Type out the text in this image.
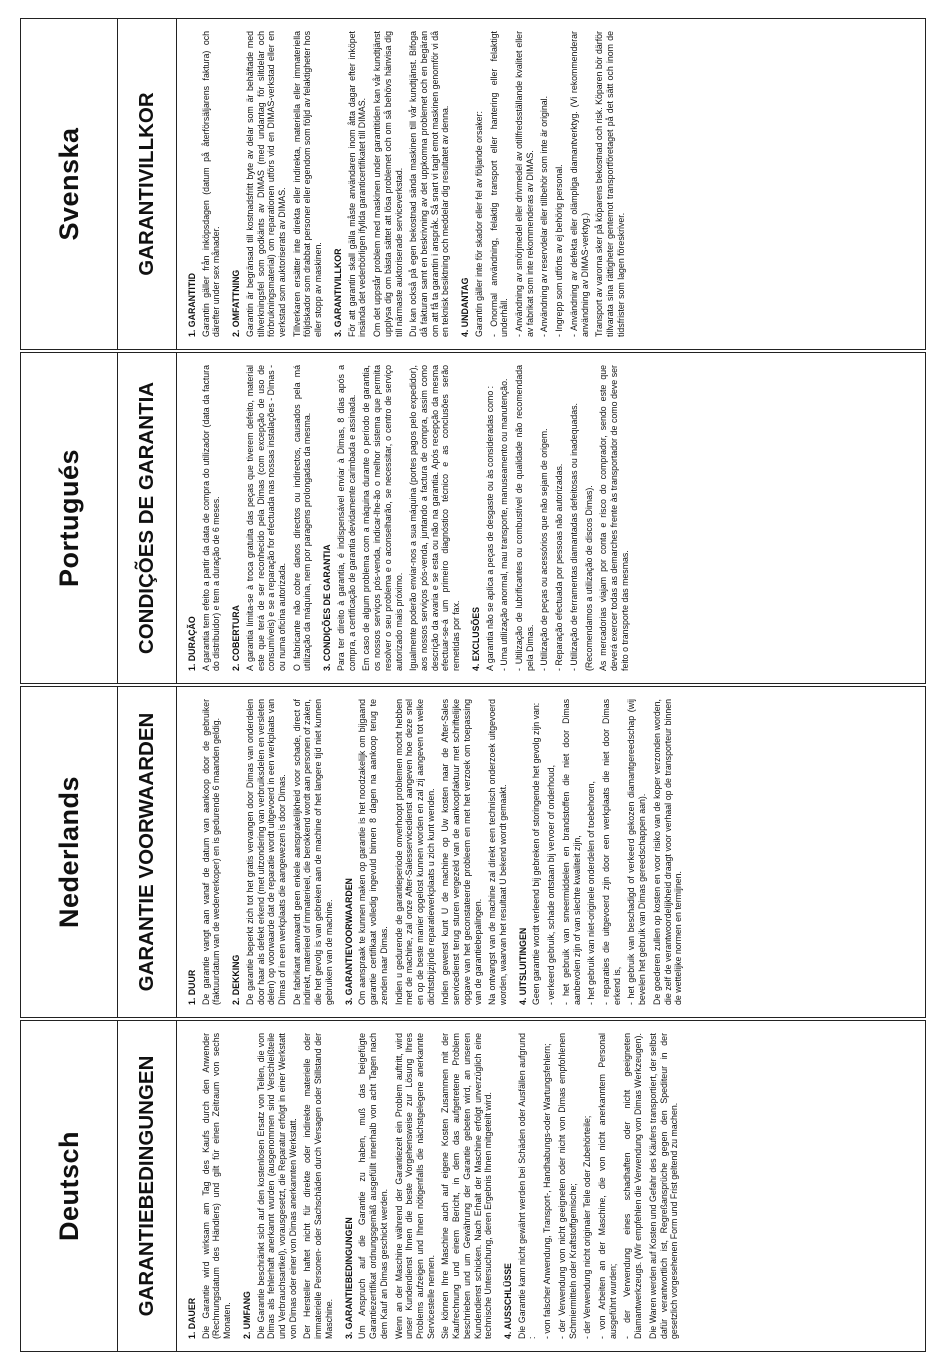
Deutsch	GARANTIEBEDINGUNGEN
1. DAUER Die Garantie wird wirksam am Tag des Kaufs durch den Anwender (Rechnungsdatum des Händlers) und gilt für einen Zeitraum von sechs Monaten. 2. UMFANG Die Garantie beschränkt sich auf den kostenlosen Ersatz von Teilen, die von Dimas als fehlerhaft anerkannt wurden (ausgenommen sind Verschleißteile und Verbrauchsartikel), vorausgesetzt, die Reparatur erfolgt in einer Werkstatt von Dimas oder einer von Dimas anerkannten Werkstatt. Der Hersteller haftet nicht für direkte oder indirekte materielle oder immaterielle Personen- oder Sachschäden durch Versagen oder Stillstand der Maschine. 3. GARANTIEBEDINGUNGEN Um Anspruch auf die Garantie zu haben, muß das beigefügte Garantiezertifikat ordnungsgemäß ausgefüllt innerhalb von acht Tagen nach dem Kauf an Dimas geschickt werden. Wenn an der Maschine während der Garantiezeit ein Problem auftritt, wird unser Kundendienst Ihnen die beste Vorgehensweise zur Lösung Ihres Problems aufzeigen und Ihnen nötigenfalls die nächstgelegene anerkannte Servicestelle nennen. Sie können Ihre Maschine auch auf eigene Kosten Zusammen mit der Kaufrechnung und einem Bericht, in dem das aufgetretene Problem beschrieben und um Gewährung der Garantie gebeten wird, an unseren Kundendienst schicken. Nach Erhalt der Maschine erfolgt unverzüglich eine technische Untersuchung, deren Ergebnis Ihnen mitgeteilt wird. 4. AUSSCHLÜSSE Die Garantie kann nicht gewährt werden bei Schäden oder Ausfällen aufgrund : - von falscher Anwendung, Transport-, Handhabungs-oder Wartungsfehlern; - der Verwendung von nicht geeigneten oder nicht von Dimas empfohlenen Schmiermitteln oder Kraftstoffgemische; - der Verwendung nicht originaler Teile oder Zubehörteile; - von Arbeiten an der Maschine, die von nicht anerkanntem Personal ausgeführt wurden; - der Verwendung eines schadhaften oder nicht geeigneten Diamantwerkzeugs. (Wir empfehlen die Verwendung von Dimas Werkzeugen). Die Waren werden auf Kosten und Gefahr des Käufers transportiert, der selbst dafür verantwortlich ist, Regreßansprüche gegen den Spediteur in der gesetzlich vorgesehenen Form und Frist geltend zu machen.

Nederlands	GARANTIE VOORWAARDEN	1. DUUR De garantie vangt aan vanaf de datum van aankoop door de gebruiker (faktuurdatum van de wederverkoper) en is gedurende 6 maanden geldig. 2. DEKKING De garantie beperkt zich tot het gratis vervangen door Dimas van onderdelen door haar als defekt erkend (met uitzondering van verbruiksdelen en versleten delen) op voorwaarde dat de reparatie wordt uitgevoerd in een werkplaats van Dimas of in een werkplaats die aangewezen is door Dimas. De fabrikant aanvaardt geen enkele aansprakelijkheid voor schade, direct of indirekt, materieel of immaterieel, die berokkend wordt aan personen of zaken, die het gevolg is van gebreken aan de machine of het langere tijd niet kunnen gebruiken van de machine. 3. GARANTIEVOORWAARDEN Om aanspraak te kunnen maken op garantie is het noodzakelijk om bijgaand garantie certifikaat volledig ingevuld binnen 8 dagen na aankoop terug te zenden naar Dimas. Indien u gedurende de garantieperiode onverhoopt problemen mocht hebben met de machine, zal onze After-Salesservicedienst aangeven hoe deze snel en op de beste manier opgelost kunnen worden en zal zij aangeven tot welke dichtstbijzijnde reparatiewerkplaats u zich kunt wenden. Indien gewenst kunt U de machine op Uw kosten naar de After-Sales servicedienst terug sturen vergezeld van de aankoopfaktuur met schriftelijke opgave van het geconstateerde probleem en met het verzoek om toepassing van de garantiebepalingen. Na ontvangst van de machine zal direkt een technisch onderzoek uitgevoerd worden, waarvan het resultaat U bekend wordt gemaakt. 4. UITSLUITINGEN Geen garantie wordt verleend bij gebreken of storingende het gevolg zijn van: - verkeerd gebruik, schade ontstaan bij vervoer of onderhoud, - het gebruik van smeermiddelen en brandstoffen die niet door Dimas aanbevolen zijn of van slechte kwaliteit zijn, - het gebruik van niet-originele onderdelen of toebehoren, - reparaties die uitgevoerd zijn door een werkplaats die niet door Dimas erkend is, - het gebruik van beschadigd of verkeerd gekozen diamantgereedschap (wij bevelen het gebruik van Dimas gereedschappen aan). De goederen zullen op kosten en voor risiko van de koper verzonden worden, die zelf de verantwoordelijkheid draagt voor verhaal op de transporteur binnen de wettelijke normen en termijnen.

Portugués	CONDIÇÕES DE GARANTIA	1. DURAÇÃO A garantia tem efeito a partir da data de compra do utilizador (data da factura do distribuidor) e tem a duração de 6 meses. 2. COBERTURA A garantia limita-se à troca gratuita das peças que tiverem defeito, material este que terá de ser reconhecido pela Dimas (com excepção de uso de consumíveis) e se a reparação for efectuada nas nossas instalações - Dimas - ou numa oficina autorizada. O fabricante não cobre danos directos ou indirectos, causados pela má utilização da máquina, nem por paragens prolongadas da mesma. 3. CONDIÇÕES DE GARANTIA Para ter direito à garantia, é indispensável enviar à Dimas, 8 dias após a compra, a certificação de garantia devidamente carimbada e assinada. Em caso de algum problema com a máquina durante o período de garantia, os nossos serviços pós-venda, indicar-lhe-ão o melhor sistema que permita resolver o seu problema e o aconselharão, se necessitar, o centro de serviço autorizado mais próximo. Igualmente poderão enviar-nos a sua máquina (portes pagos pelo expedidor), aos nossos serviços pós-venda, juntando a factura de compra, assim como descrição da avaria e se esta ou não na garantia. Após recepção da mesma efectuar-se-á um primeiro diagnóstico técnico e as conclusões serão remetidas por fax. 4. EXCLUSÕES A garantia não se aplica a peças de desgaste ou às consideradas como : - Uma utilização anormal, mau transporte, manuseamento ou manutenção. - Utilização de lubrificantes ou combustível de qualidade não recomendada pela Dimas. - Utilização de peças ou acessórios que não sejam de origem. - Reparação efectuada por pessoas não autorizadas. - Utilização de ferramentas diamantadas defeitosas ou inadequadas. (Recomendamos a utilização de discos Dimas). As mercadorias viajam por conta e risco do comprador, sendo este que deverá exercer todas as demarches frente às transportador de como deve ser feito o transporte das mesmas.

Svenska	GARANTIVILLKOR
1. GARANTITID Garantin gäller från inköpsdagen (datum på återförsäljarens faktura) och därefter under sex månader. 2. OMFATTNING Garantin är begränsad till kostnadsfritt byte av delar som är behäftade med tillverkningsfel som godkänts av DIMAS (med undantag för slitdelar och förbrukningsmaterial) om reparationen utförs vid en DIMAS-verkstad eller en verkstad som auktoriserats av DIMAS. Tillverkaren ersätter inte direkta eller indirekta, materiella eller immateriella följdskador som drabbat personer eller egendom som följd av felaktigheter hos eller stopp av maskinen. 3. GARANTIVILLKOR För att garantin skall gälla måste användaren inom åtta dagar efter inköpet insända det vederbörligen ifyllda garanticertifikatet till DIMAS. Om det uppstår problem med maskinen under garantitiden kan vår kundtjänst upplysa dig om bästa sättet att lösa problemet och om så behövs hänvisa dig till närmaste auktoriserade serviceverkstad. Du kan också på egen bekostnad sända maskinen till vår kundtjänst. Bifoga då fakturan samt en beskrivning av det uppkomna problemet och en begäran om att få ta garantin i anspråk. Så snart vi tagit emot maskinen genomför vi då en teknisk besiktning och meddelar dig resultatet av denna. 4. UNDANTAG Garantin gäller inte för skador eller fel av följande orsaker: - Onormal användning, felaktig transport eller hantering eller felaktigt underhåll. - Användning av smörjmedel eller drivmedel av otillfredsställande kvalitet eller av fabrikat som inte rekommenderas av DIMAS. - Användning av reservdelar eller tillbehör som inte är original. - Ingrepp som utförts av ej behörig personal. - Användning av defekta eller olämpliga diamantverktyg. (Vi rekommenderar användning av DIMAS-verktyg.) Transport av varorna sker på köparens bekostnad och risk. Köparen bör därför tillvarata sina rättigheter gentemot transportföretaget på det sätt och inom de tidsfrister som lagen föreskriver.
